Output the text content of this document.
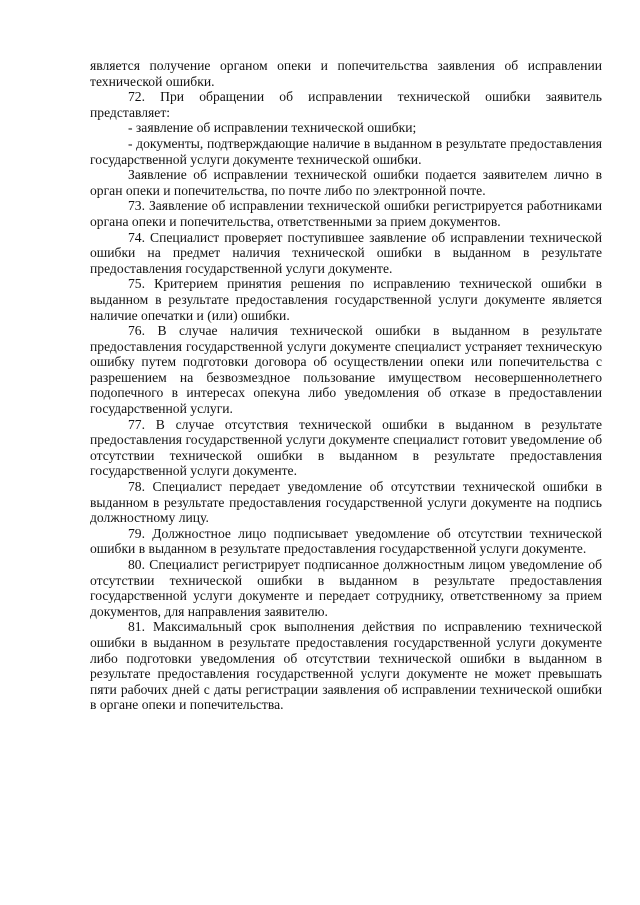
является получение органом опеки и попечительства заявления об исправлении технической ошибки.

72. При обращении об исправлении технической ошибки заявитель представляет:

- заявление об исправлении технической ошибки;

- документы, подтверждающие наличие в выданном в результате предоставления государственной услуги документе технической ошибки.

Заявление об исправлении технической ошибки подается заявителем лично в орган опеки и попечительства, по почте либо по электронной почте.

73. Заявление об исправлении технической ошибки регистрируется работниками органа опеки и попечительства, ответственными за прием документов.

74. Специалист проверяет поступившее заявление об исправлении технической ошибки на предмет наличия технической ошибки в выданном в результате предоставления государственной услуги документе.

75. Критерием принятия решения по исправлению технической ошибки в выданном в результате предоставления государственной услуги документе является наличие опечатки и (или) ошибки.

76. В случае наличия технической ошибки в выданном в результате предоставления государственной услуги документе специалист устраняет техническую ошибку путем подготовки договора об осуществлении опеки или попечительства с разрешением на безвозмездное пользование имуществом несовершеннолетнего подопечного в интересах опекуна либо уведомления об отказе в предоставлении государственной услуги.

77. В случае отсутствия технической ошибки в выданном в результате предоставления государственной услуги документе специалист готовит уведомление об отсутствии технической ошибки в выданном в результате предоставления государственной услуги документе.

78. Специалист передает уведомление об отсутствии технической ошибки в выданном в результате предоставления государственной услуги документе на подпись должностному лицу.

79. Должностное лицо подписывает уведомление об отсутствии технической ошибки в выданном в результате предоставления государственной услуги документе.

80. Специалист регистрирует подписанное должностным лицом уведомление об отсутствии технической ошибки в выданном в результате предоставления государственной услуги документе и передает сотруднику, ответственному за прием документов, для направления заявителю.

81. Максимальный срок выполнения действия по исправлению технической ошибки в выданном в результате предоставления государственной услуги документе либо подготовки уведомления об отсутствии технической ошибки в выданном в результате предоставления государственной услуги документе не может превышать пяти рабочих дней с даты регистрации заявления об исправлении технической ошибки в органе опеки и попечительства.
